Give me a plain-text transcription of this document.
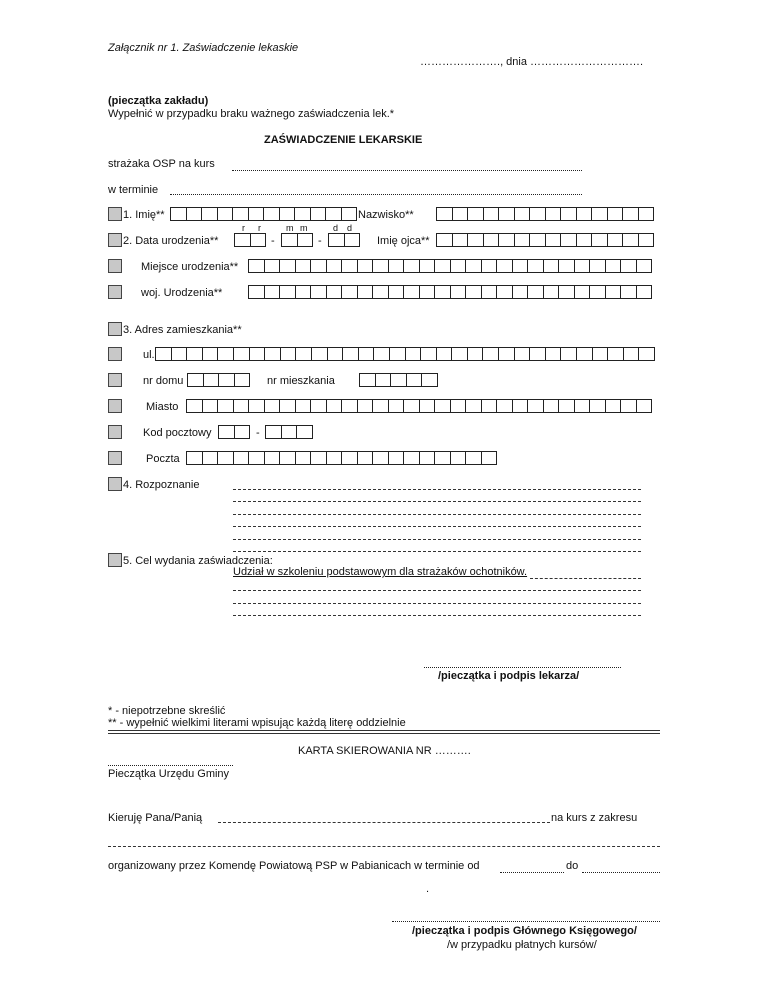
Załącznik nr 1. Zaświadczenie lekaskie
…………………., dnia ………………………….
(pieczątka zakładu)
Wypełnić w przypadku braku ważnego zaświadczenia lek.*
ZAŚWIADCZENIE LEKARSKIE
strażaka OSP na kurs
w terminie
1. Imię**	Nazwisko**
r r	m m	d d
2. Data urodzenia**	-	-	Imię ojca**
Miejsce urodzenia**
woj. Urodzenia**
3. Adres zamieszkania**
ul.
nr domu	nr mieszkania
Miasto
Kod pocztowy	-
Poczta
4. Rozpoznanie
5. Cel wydania zaświadczenia:
Udział w szkoleniu podstawowym dla strażaków ochotników.
/pieczątka i podpis lekarza/
* - niepotrzebne skreślić
** - wypełnić wielkimi literami wpisując każdą literę oddzielnie
KARTA SKIEROWANIA NR ……….
Pieczątka Urzędu Gminy
Kieruję Pana/Panią	na kurs z zakresu
organizowany przez Komendę Powiatową PSP w Pabianicach w terminie od	do
.
/pieczątka i podpis Głównego Księgowego/
/w przypadku płatnych kursów/
